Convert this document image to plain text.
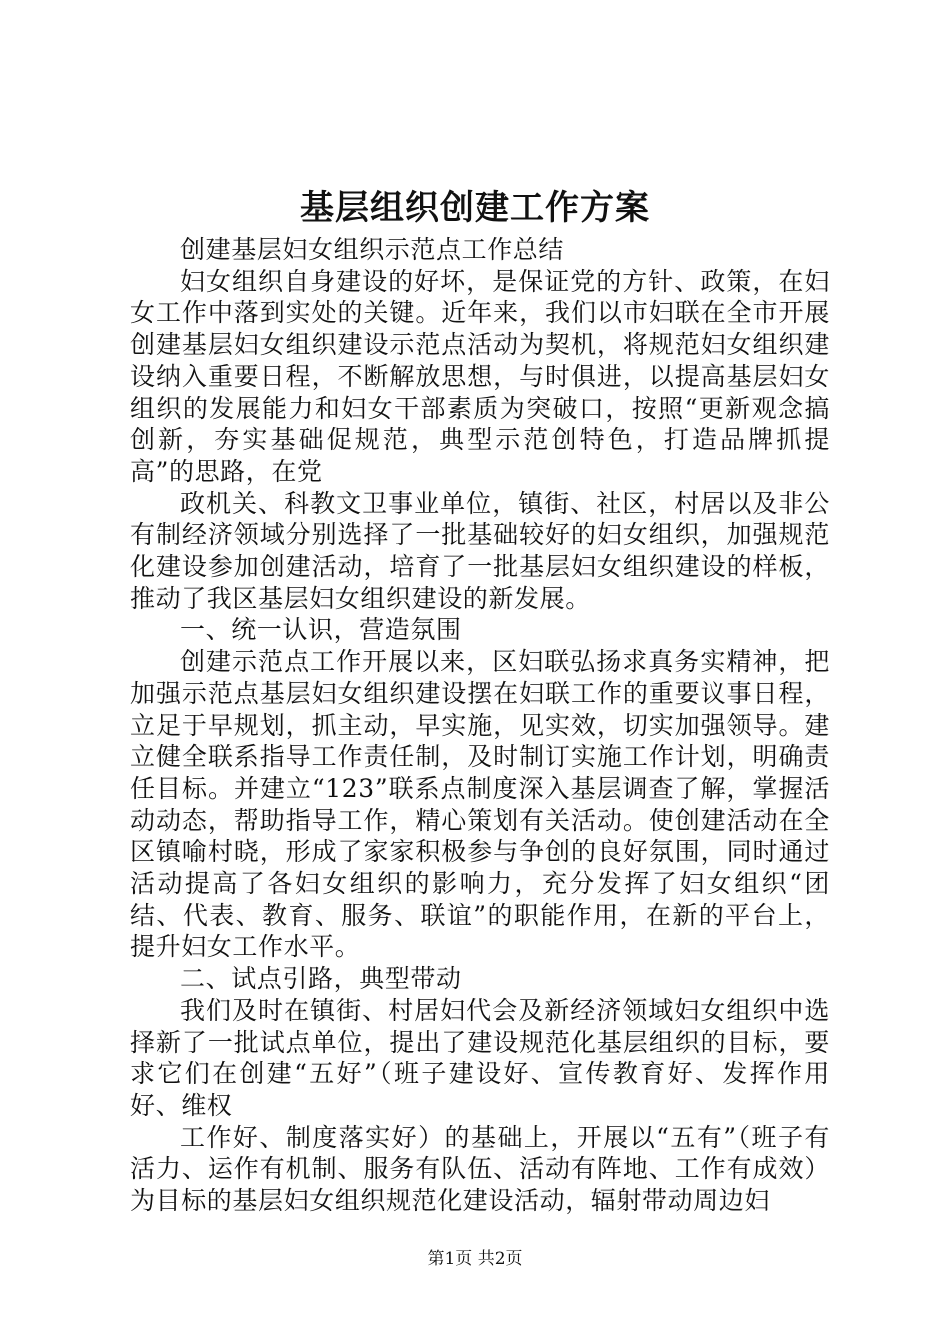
基层组织创建工作方案

创建基层妇女组织示范点工作总结

妇女组织自身建设的好坏，是保证党的方针、政策，在妇女工作中落到实处的关键。近年来，我们以市妇联在全市开展创建基层妇女组织建设示范点活动为契机，将规范妇女组织建设纳入重要日程，不断解放思想，与时俱进，以提高基层妇女组织的发展能力和妇女干部素质为突破口，按照“更新观念搞创新，夯实基础促规范，典型示范创特色，打造品牌抓提高”的思路，在党

政机关、科教文卫事业单位，镇街、社区，村居以及非公有制经济领域分别选择了一批基础较好的妇女组织，加强规范化建设参加创建活动，培育了一批基层妇女组织建设的样板，推动了我区基层妇女组织建设的新发展。

一、统一认识，营造氛围

创建示范点工作开展以来，区妇联弘扬求真务实精神，把加强示范点基层妇女组织建设摆在妇联工作的重要议事日程，立足于早规划，抓主动，早实施，见实效，切实加强领导。建立健全联系指导工作责任制，及时制订实施工作计划，明确责任目标。并建立“123”联系点制度深入基层调查了解，掌握活动动态，帮助指导工作，精心策划有关活动。使创建活动在全区镇喻村晓，形成了家家积极参与争创的良好氛围，同时通过活动提高了各妇女组织的影响力，充分发挥了妇女组织“团结、代表、教育、服务、联谊”的职能作用，在新的平台上，提升妇女工作水平。

二、试点引路，典型带动

我们及时在镇街、村居妇代会及新经济领域妇女组织中选择新了一批试点单位，提出了建设规范化基层组织的目标，要求它们在创建“五好”（班子建设好、宣传教育好、发挥作用好、维权

工作好、制度落实好）的基础上，开展以“五有”（班子有活力、运作有机制、服务有队伍、活动有阵地、工作有成效）为目标的基层妇女组织规范化建设活动，辐射带动周边妇

第1页 共2页
